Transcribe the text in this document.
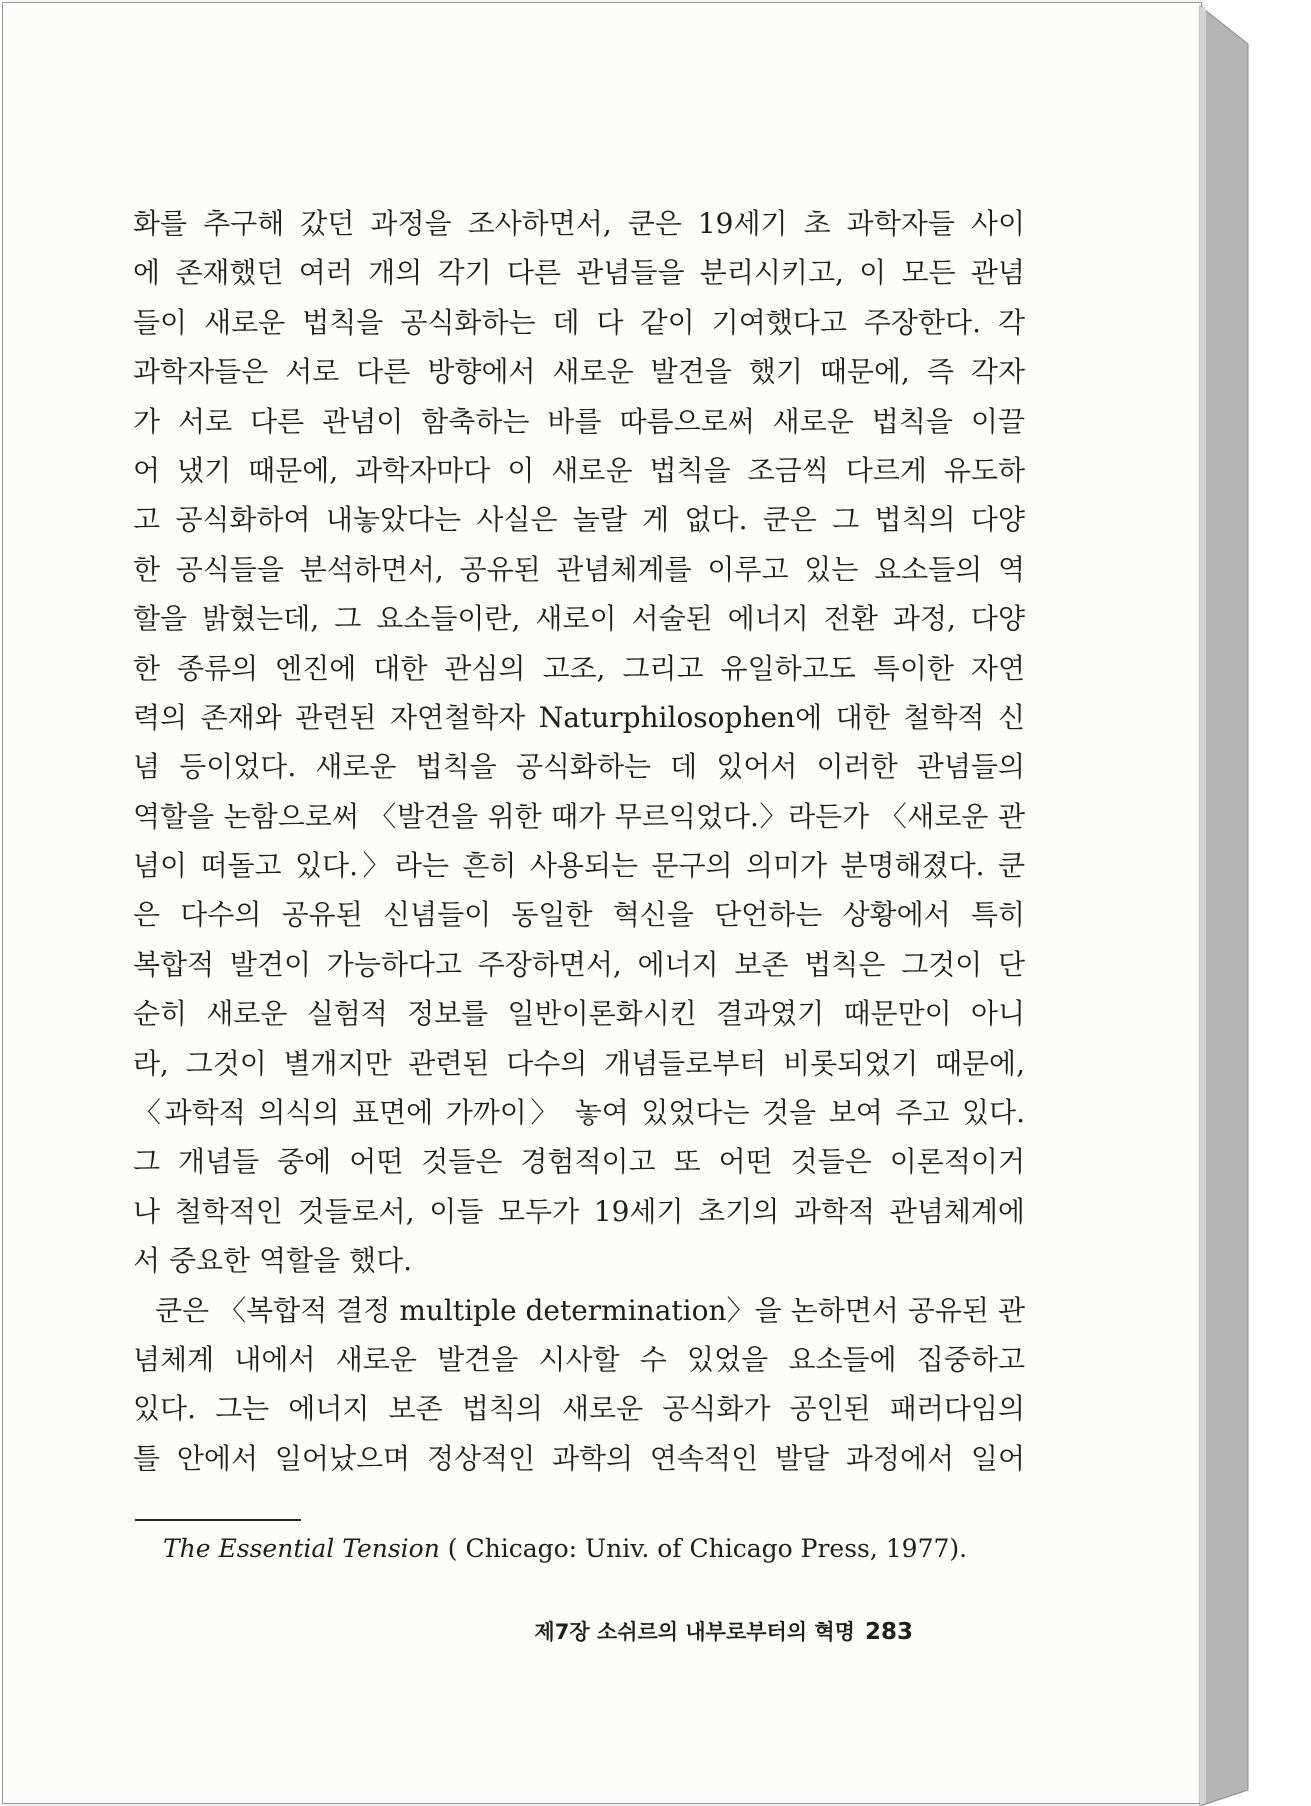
화를 추구해 갔던 과정을 조사하면서, 쿤은 19세기 초 과학자들 사이
에 존재했던 여러 개의 각기 다른 관념들을 분리시키고, 이 모든 관념
들이 새로운 법칙을 공식화하는 데 다 같이 기여했다고 주장한다. 각
과학자들은 서로 다른 방향에서 새로운 발견을 했기 때문에, 즉 각자
가 서로 다른 관념이 함축하는 바를 따름으로써 새로운 법칙을 이끌
어 냈기 때문에, 과학자마다 이 새로운 법칙을 조금씩 다르게 유도하
고 공식화하여 내놓았다는 사실은 놀랄 게 없다. 쿤은 그 법칙의 다양
한 공식들을 분석하면서, 공유된 관념체계를 이루고 있는 요소들의 역
할을 밝혔는데, 그 요소들이란, 새로이 서술된 에너지 전환 과정, 다양
한 종류의 엔진에 대한 관심의 고조, 그리고 유일하고도 특이한 자연
력의 존재와 관련된 자연철학자 Naturphilosophen에 대한 철학적 신
념 등이었다. 새로운 법칙을 공식화하는 데 있어서 이러한 관념들의
역할을 논함으로써 〈발견을 위한 때가 무르익었다.〉라든가 〈새로운 관
념이 떠돌고 있다.〉라는 흔히 사용되는 문구의 의미가 분명해졌다. 쿤
은 다수의 공유된 신념들이 동일한 혁신을 단언하는 상황에서 특히
복합적 발견이 가능하다고 주장하면서, 에너지 보존 법칙은 그것이 단
순히 새로운 실험적 정보를 일반이론화시킨 결과였기 때문만이 아니
라, 그것이 별개지만 관련된 다수의 개념들로부터 비롯되었기 때문에,
〈과학적 의식의 표면에 가까이〉 놓여 있었다는 것을 보여 주고 있다.
그 개념들 중에 어떤 것들은 경험적이고 또 어떤 것들은 이론적이거
나 철학적인 것들로서, 이들 모두가 19세기 초기의 과학적 관념체계에
서 중요한 역할을 했다.
쿤은 〈복합적 결정 multiple determination〉을 논하면서 공유된 관
념체계 내에서 새로운 발견을 시사할 수 있었을 요소들에 집중하고
있다. 그는 에너지 보존 법칙의 새로운 공식화가 공인된 패러다임의
틀 안에서 일어났으며 정상적인 과학의 연속적인 발달 과정에서 일어
The Essential Tension ( Chicago: Univ. of Chicago Press, 1977).
제7장 소쉬르의 내부로부터의 혁명 283
